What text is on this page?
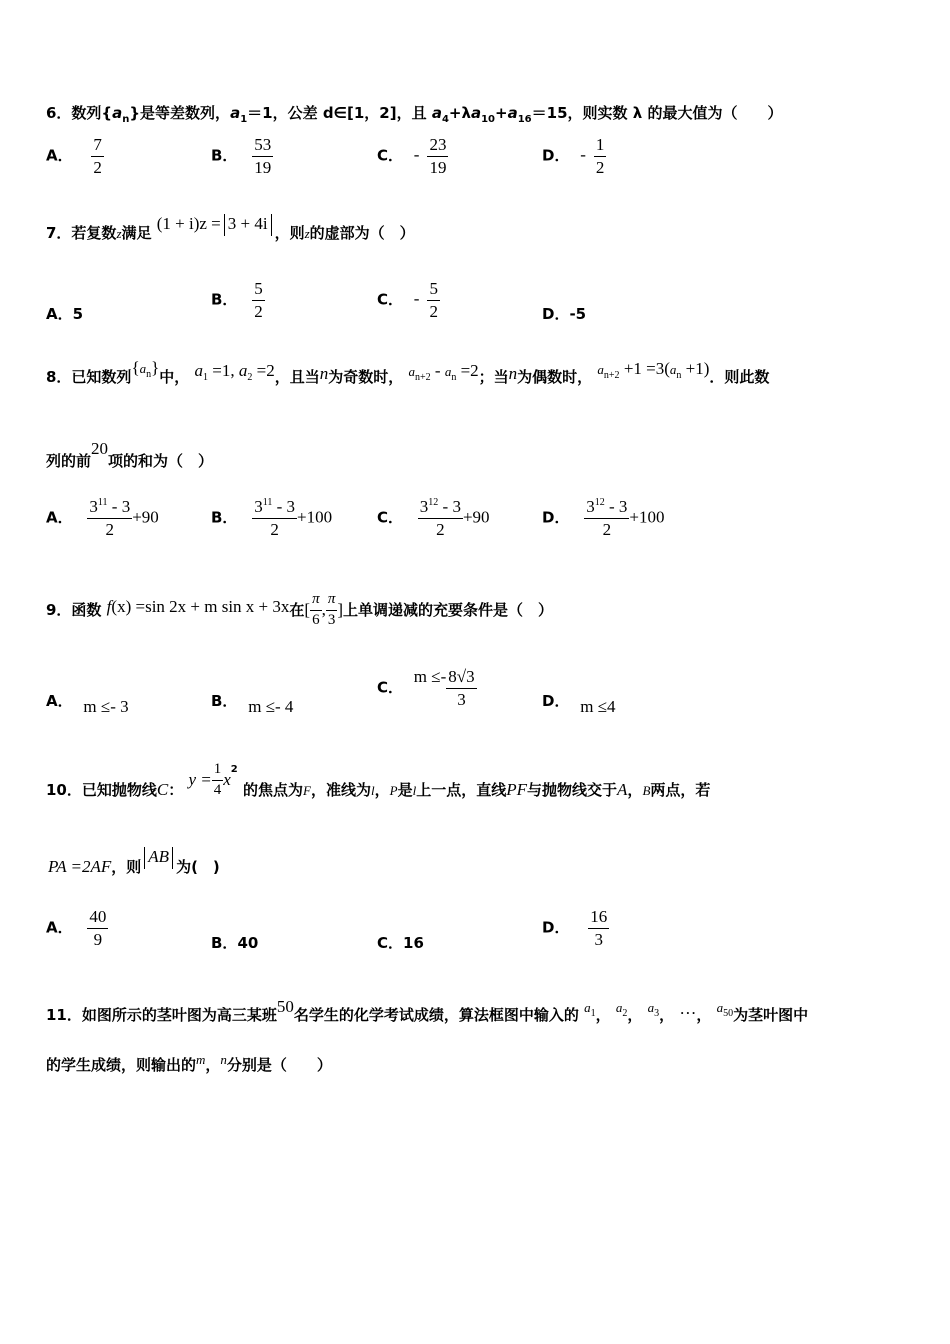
6．数列$\{a_n\}$是等差数列，$a_1=1$，公差 d∈[1，2]，且 $a_4+\lambda a_{10}+a_{16}=15$，则实数 λ 的最大值为（　　）
A． $\frac{7}{2}$	B． $\frac{53}{19}$	C． - $\frac{23}{19}$	D． - $\frac{1}{2}$
7．若复数z满足 (1 + i)z = 3 + 4i ，则z的虚部为（　）
A．5
B． $\frac{5}{2}$	C． - $\frac{5}{2}$	D．-5
8．已知数列$\{a_n\}$中， $a_1 =1$, $a_2 =2$，且当n为奇数时， $a_{n+2} - a_n =2$；当n为偶数时， $a_{n+2} +1 =3(a_n +1)$．则此数
列的前20项的和为（　）
A． $\frac{3^{11} - 3}{2} +90$	B． $\frac{3^{11} - 3}{2} +100$	C． $\frac{3^{12} - 3}{2} +90$	D． $\frac{3^{12} - 3}{2} +100$
9．函数 f(x) =sin 2x + m sin x + 3x在[ $\frac{\pi}{6}$ , $\frac{\pi}{3}$ ]上单调递减的充要条件是（　）
A． m ≤- 3	B． m ≤- 4
C． $m \le- \frac{8√3}{3}$	D． m ≤4
10．已知抛物线C： $y = \frac{1}{4} x^2$ 的焦点为F，准线为l，P是l上一点，直线PF与抛物线交于A，B两点，若
PA =2AF，则AB为(　)
A． $\frac{40}{9}$	B．40	C．16
D． $\frac{16}{3}$
11．如图所示的茎叶图为高三某班50名学生的化学考试成绩，算法框图中输入的 $a_1$， $a_2$， $a_3$， …， $a_{50}$为茎叶图中
的学生成绩，则输出的m，n分别是（　　）
